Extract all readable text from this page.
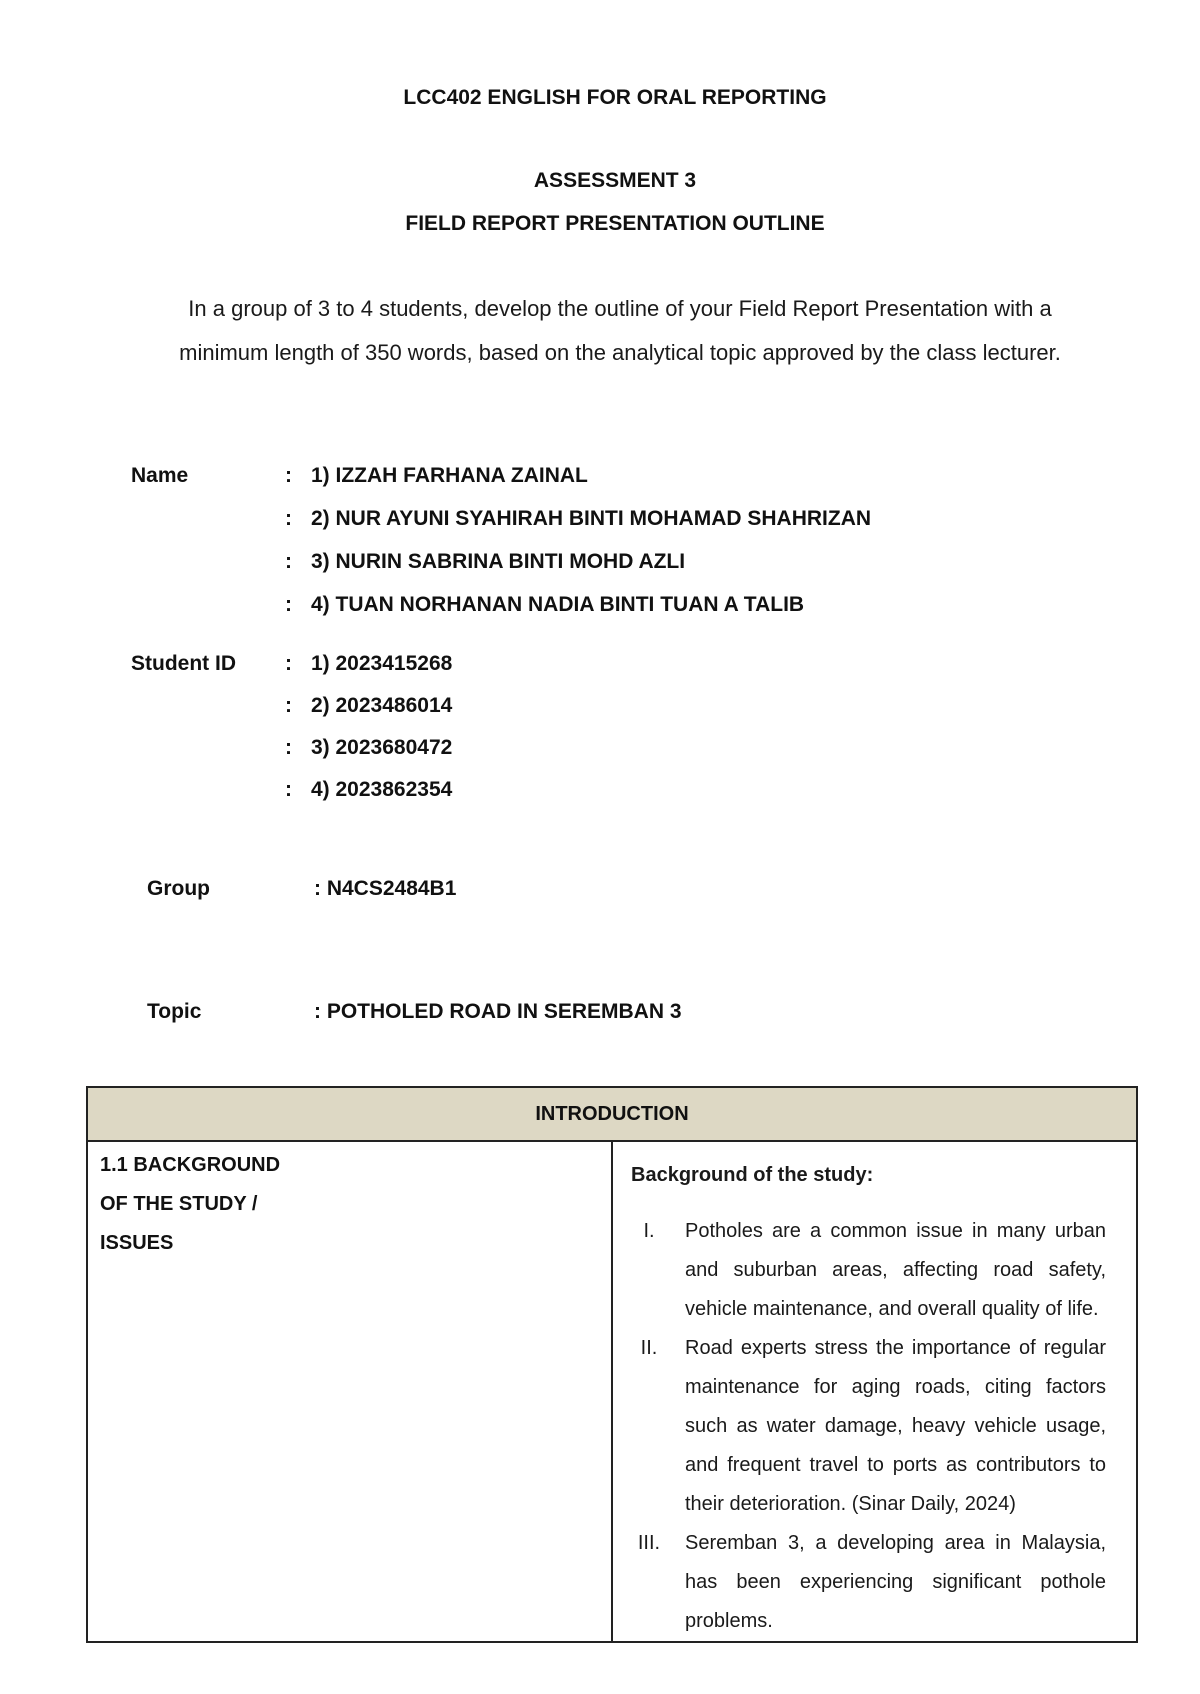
LCC402 ENGLISH FOR ORAL REPORTING
ASSESSMENT 3
FIELD REPORT PRESENTATION OUTLINE
In a group of 3 to 4 students, develop the outline of your Field Report Presentation with a
minimum length of 350 words, based on the analytical topic approved by the class lecturer.
Name	: 1) IZZAH FARHANA ZAINAL
: 2) NUR AYUNI SYAHIRAH BINTI MOHAMAD SHAHRIZAN
: 3) NURIN SABRINA BINTI MOHD AZLI
: 4) TUAN NORHANAN NADIA BINTI TUAN A TALIB
Student ID : 1) 2023415268
: 2) 2023486014
: 3) 2023680472
: 4) 2023862354
Group	: N4CS2484B1
Topic	: POTHOLED ROAD IN SEREMBAN 3
INTRODUCTION

1.1 BACKGROUND
OF THE STUDY /
ISSUES

Background of the study:
I.	Potholes are a common issue in many urban and suburban areas, affecting road safety, vehicle maintenance, and overall quality of life.
II.	Road experts stress the importance of regular maintenance for aging roads, citing factors such as water damage, heavy vehicle usage, and frequent travel to ports as contributors to their deterioration. (Sinar Daily, 2024)
III.	Seremban 3, a developing area in Malaysia, has been experiencing significant pothole problems.
